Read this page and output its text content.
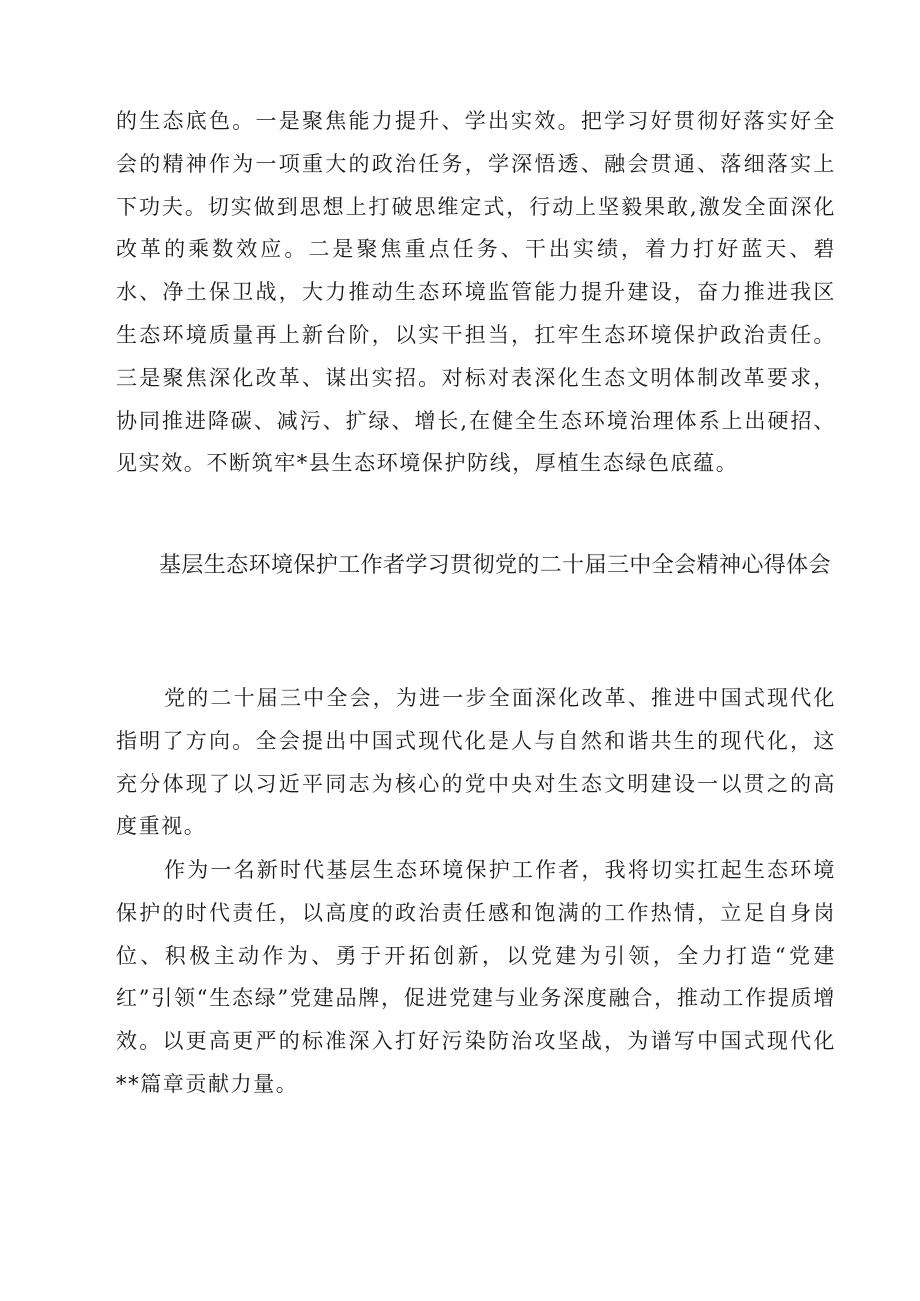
的生态底色。一是聚焦能力提升、学出实效。把学习好贯彻好落实好全会的精神作为一项重大的政治任务，学深悟透、融会贯通、落细落实上下功夫。切实做到思想上打破思维定式，行动上坚毅果敢,激发全面深化改革的乘数效应。二是聚焦重点任务、干出实绩，着力打好蓝天、碧水、净土保卫战，大力推动生态环境监管能力提升建设，奋力推进我区生态环境质量再上新台阶，以实干担当，扛牢生态环境保护政治责任。三是聚焦深化改革、谋出实招。对标对表深化生态文明体制改革要求，协同推进降碳、减污、扩绿、增长,在健全生态环境治理体系上出硬招、见实效。不断筑牢*县生态环境保护防线，厚植生态绿色底蕴。

基层生态环境保护工作者学习贯彻党的二十届三中全会精神心得体会

党的二十届三中全会，为进一步全面深化改革、推进中国式现代化指明了方向。全会提出中国式现代化是人与自然和谐共生的现代化，这充分体现了以习近平同志为核心的党中央对生态文明建设一以贯之的高度重视。

作为一名新时代基层生态环境保护工作者，我将切实扛起生态环境保护的时代责任，以高度的政治责任感和饱满的工作热情，立足自身岗位、积极主动作为、勇于开拓创新，以党建为引领，全力打造“党建红”引领“生态绿”党建品牌，促进党建与业务深度融合，推动工作提质增效。以更高更严的标准深入打好污染防治攻坚战，为谱写中国式现代化**篇章贡献力量。
